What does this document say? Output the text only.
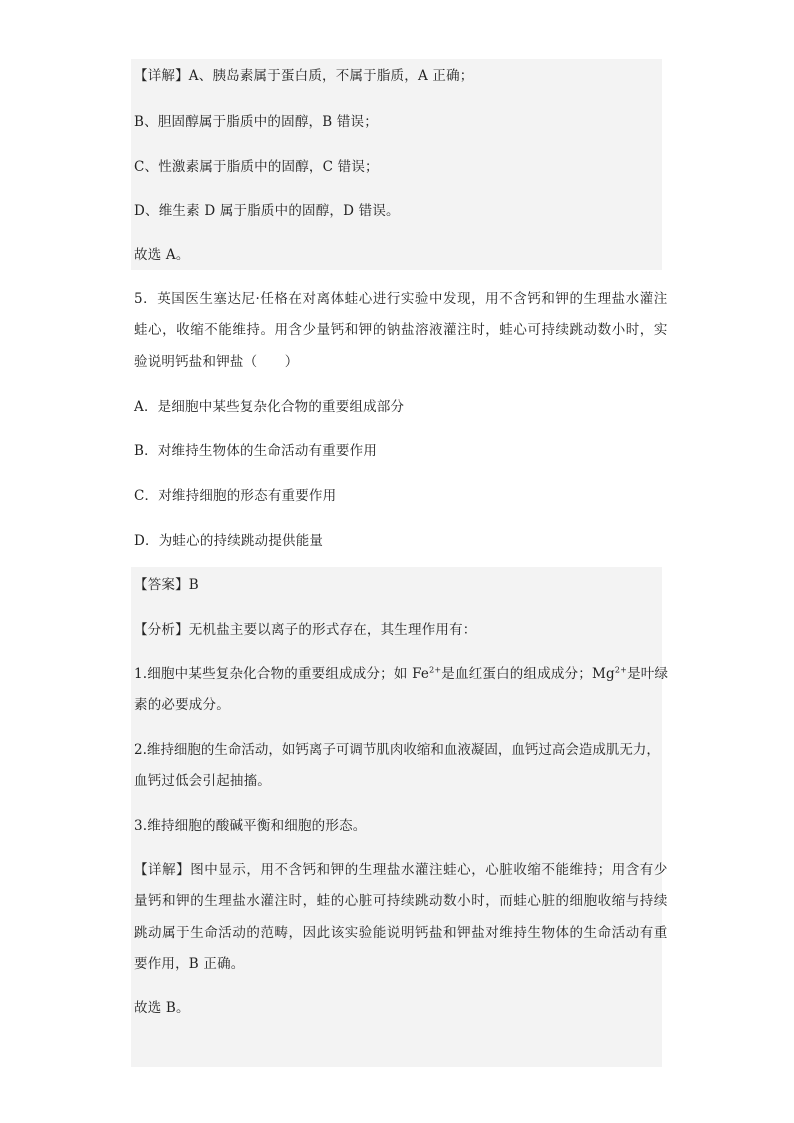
【详解】A、胰岛素属于蛋白质，不属于脂质，A 正确；
B、胆固醇属于脂质中的固醇，B 错误；
C、性激素属于脂质中的固醇，C 错误；
D、维生素 D 属于脂质中的固醇，D 错误。
故选 A。
5．英国医生塞达尼·任格在对离体蛙心进行实验中发现，用不含钙和钾的生理盐水灌注
蛙心，收缩不能维持。用含少量钙和钾的钠盐溶液灌注时，蛙心可持续跳动数小时，实
验说明钙盐和钾盐（　　）
A．是细胞中某些复杂化合物的重要组成部分
B．对维持生物体的生命活动有重要作用
C．对维持细胞的形态有重要作用
D．为蛙心的持续跳动提供能量
【答案】B
【分析】无机盐主要以离子的形式存在，其生理作用有：
1.细胞中某些复杂化合物的重要组成成分；如 $Fe^{2+}$是血红蛋白的组成成分；$Mg^{2+}$是叶绿
素的必要成分。
2.维持细胞的生命活动，如钙离子可调节肌肉收缩和血液凝固，血钙过高会造成肌无力，
血钙过低会引起抽搐。
3.维持细胞的酸碱平衡和细胞的形态。
【详解】图中显示，用不含钙和钾的生理盐水灌注蛙心，心脏收缩不能维持；用含有少
量钙和钾的生理盐水灌注时，蛙的心脏可持续跳动数小时，而蛙心脏的细胞收缩与持续
跳动属于生命活动的范畴，因此该实验能说明钙盐和钾盐对维持生物体的生命活动有重
要作用，B 正确。
故选 B。
